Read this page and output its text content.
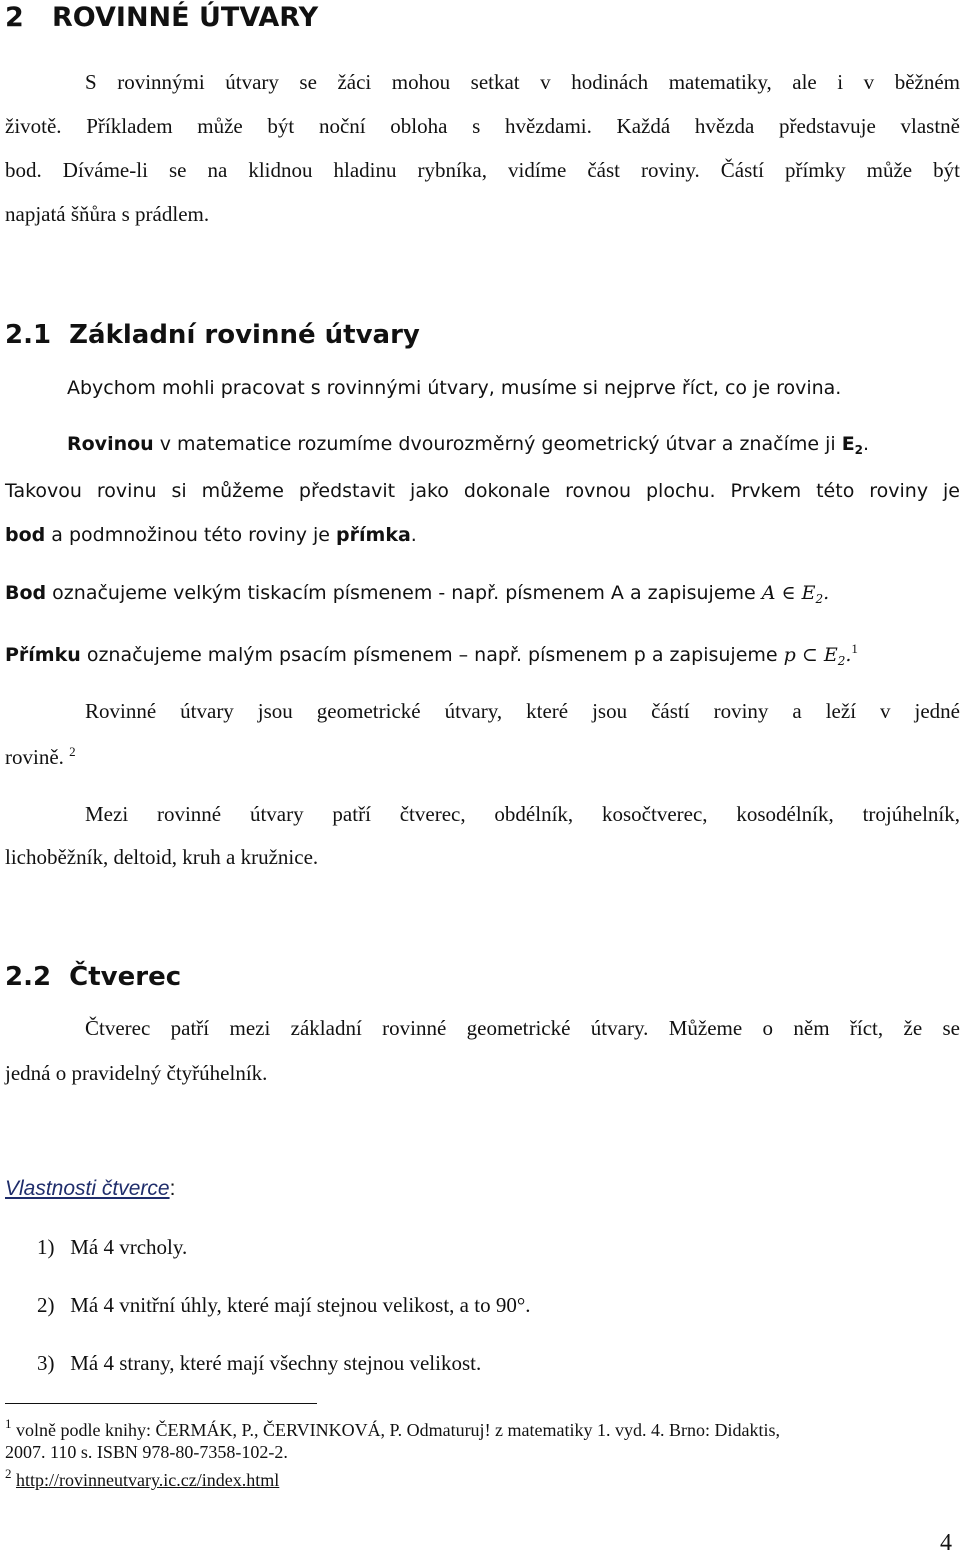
2 ROVINNÉ ÚTVARY
S rovinnými útvary se žáci mohou setkat v hodinách matematiky, ale i v běžném
životě. Příkladem může být noční obloha s hvězdami. Každá hvězda představuje vlastně
bod. Díváme-li se na klidnou hladinu rybníka, vidíme část roviny. Částí přímky může být
napjatá šňůra s prádlem.
2.1 Základní rovinné útvary
Abychom mohli pracovat s rovinnými útvary, musíme si nejprve říct, co je rovina.
Rovinou v matematice rozumíme dvourozměrný geometrický útvar a značíme ji $E_2$.
Takovou rovinu si můžeme představit jako dokonale rovnou plochu. Prvkem této roviny je
bod a podmnožinou této roviny je přímka.
Bod označujeme velkým tiskacím písmenem - např. písmenem A a zapisujeme A ∈ $E_2$.
Přímku označujeme malým psacím písmenem – např. písmenem p a zapisujeme p ⊂ $E_2.^1$
Rovinné útvary jsou geometrické útvary, které jsou částí roviny a leží v jedné
rovině. $^2$
Mezi rovinné útvary patří čtverec, obdélník, kosočtverec, kosodélník, trojúhelník,
lichoběžník, deltoid, kruh a kružnice.
2.2 Čtverec
Čtverec patří mezi základní rovinné geometrické útvary. Můžeme o něm říct, že se
jedná o pravidelný čtyřúhelník.
Vlastnosti čtverce:
1) Má 4 vrcholy.
2) Má 4 vnitřní úhly, které mají stejnou velikost, a to 90°.
3) Má 4 strany, které mají všechny stejnou velikost.
$^1$ volně podle knihy: ČERMÁK, P., ČERVINKOVÁ, P. Odmaturuj! z matematiky 1. vyd. 4. Brno: Didaktis,
2007. 110 s. ISBN 978-80-7358-102-2.
$^2$ http://rovinneutvary.ic.cz/index.html
4
